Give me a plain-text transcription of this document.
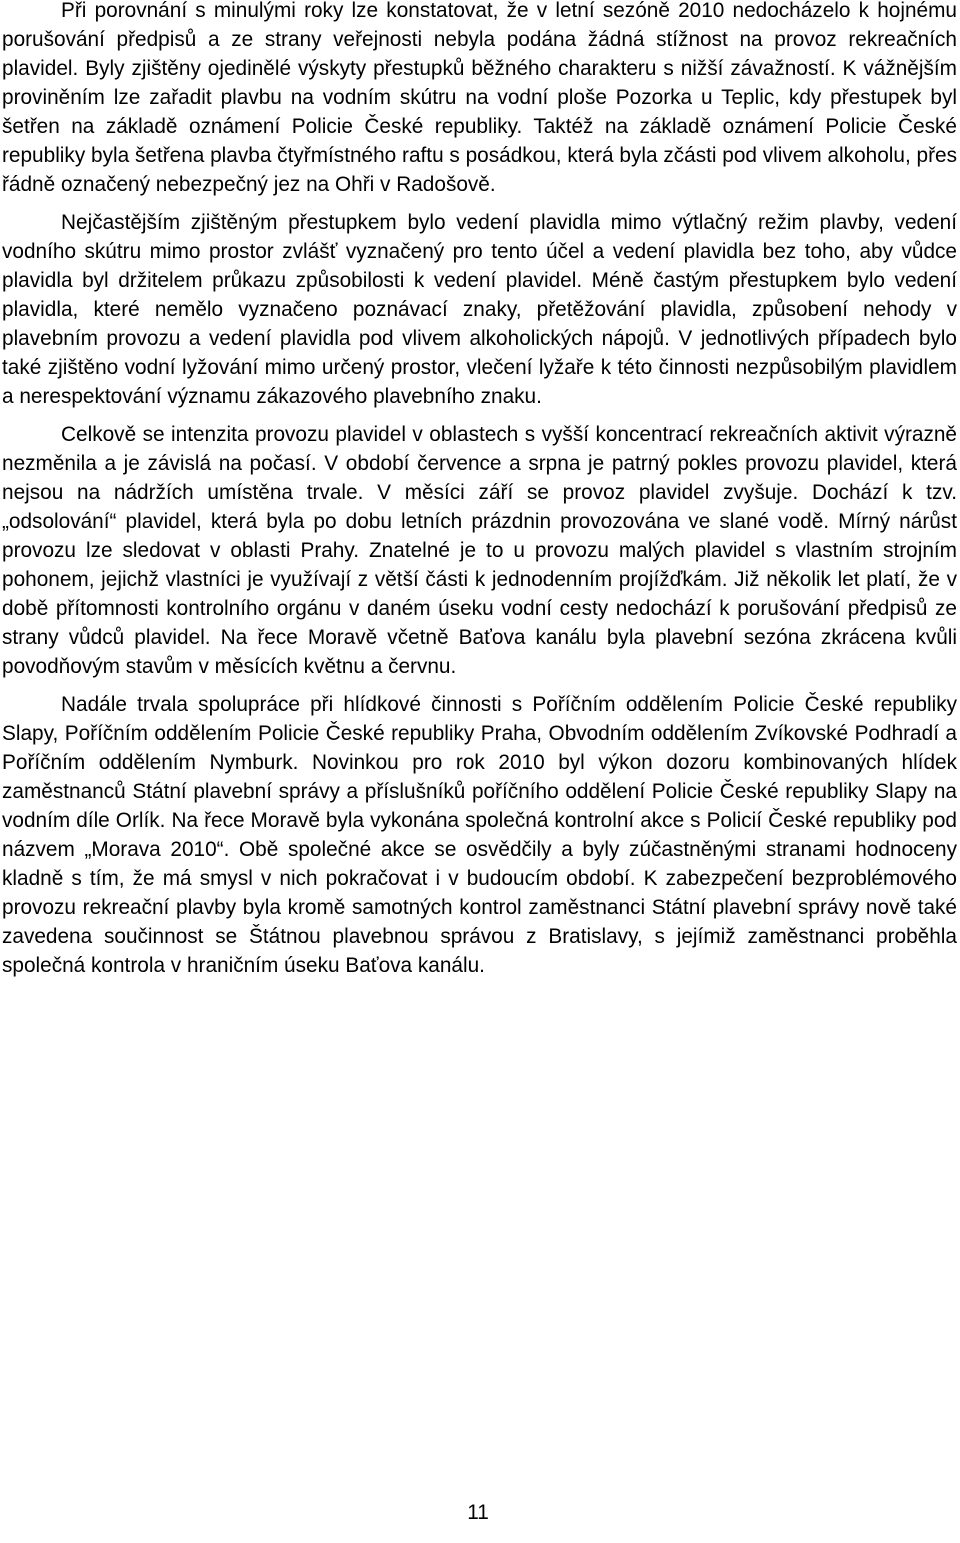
Při porovnání s minulými roky lze konstatovat, že v letní sezóně 2010 nedocházelo k hojnému porušování předpisů a ze strany veřejnosti nebyla podána žádná stížnost na provoz rekreačních plavidel. Byly zjištěny ojedinělé výskyty přestupků běžného charakteru s nižší závažností. K vážnějším proviněním lze zařadit plavbu na vodním skútru na vodní ploše Pozorka u Teplic, kdy přestupek byl šetřen na základě oznámení Policie České republiky. Taktéž na základě oznámení Policie České republiky byla šetřena plavba čtyřmístného raftu s posádkou, která byla zčásti pod vlivem alkoholu, přes řádně označený nebezpečný jez na Ohři v Radošově.

Nejčastějším zjištěným přestupkem bylo vedení plavidla mimo výtlačný režim plavby, vedení vodního skútru mimo prostor zvlášť vyznačený pro tento účel a vedení plavidla bez toho, aby vůdce plavidla byl držitelem průkazu způsobilosti k vedení plavidel. Méně častým přestupkem bylo vedení plavidla, které nemělo vyznačeno poznávací znaky, přetěžování plavidla, způsobení nehody v plavebním provozu a vedení plavidla pod vlivem alkoholických nápojů. V jednotlivých případech bylo také zjištěno vodní lyžování mimo určený prostor, vlečení lyžaře k této činnosti nezpůsobilým plavidlem a nerespektování významu zákazového plavebního znaku.

Celkově se intenzita provozu plavidel v oblastech s vyšší koncentrací rekreačních aktivit výrazně nezměnila a je závislá na počasí. V období července a srpna je patrný pokles provozu plavidel, která nejsou na nádržích umístěna trvale. V měsíci září se provoz plavidel zvyšuje. Dochází k tzv. „odsolování“ plavidel, která byla po dobu letních prázdnin provozována ve slané vodě. Mírný nárůst provozu lze sledovat v oblasti Prahy. Znatelné je to u provozu malých plavidel s vlastním strojním pohonem, jejichž vlastníci je využívají z větší části k jednodenním projížďkám. Již několik let platí, že v době přítomnosti kontrolního orgánu v daném úseku vodní cesty nedochází k porušování předpisů ze strany vůdců plavidel. Na řece Moravě včetně Baťova kanálu byla plavební sezóna zkrácena kvůli povodňovým stavům v měsících květnu a červnu.

Nadále trvala spolupráce při hlídkové činnosti s Poříčním oddělením Policie České republiky Slapy, Poříčním oddělením Policie České republiky Praha, Obvodním oddělením Zvíkovské Podhradí a Poříčním oddělením Nymburk. Novinkou pro rok 2010 byl výkon dozoru kombinovaných hlídek zaměstnanců Státní plavební správy a příslušníků poříčního oddělení Policie České republiky Slapy na vodním díle Orlík. Na řece Moravě byla vykonána společná kontrolní akce s Policií České republiky pod názvem „Morava 2010“. Obě společné akce se osvědčily a byly zúčastněnými stranami hodnoceny kladně s tím, že má smysl v nich pokračovat i v budoucím období. K zabezpečení bezproblémového provozu rekreační plavby byla kromě samotných kontrol zaměstnanci Státní plavební správy nově také zavedena součinnost se Štátnou plavebnou správou z Bratislavy, s jejímiž zaměstnanci proběhla společná kontrola v hraničním úseku Baťova kanálu.

11
